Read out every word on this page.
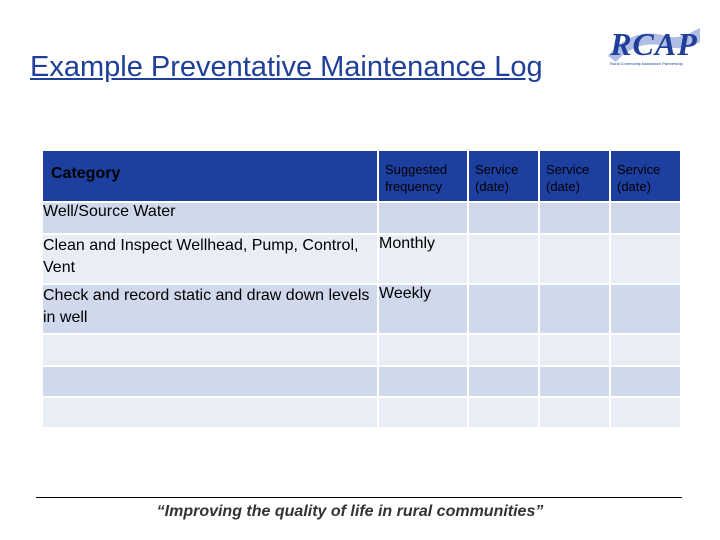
Example Preventative Maintenance Log
RCAP
Rural Community Assistance Partnership
Category	Suggested frequency	Service (date)	Service (date)	Service (date)
Well/Source Water				
Clean and Inspect Wellhead, Pump, Control, Vent	Monthly			
Check and record static and draw down levels in well	Weekly			

“Improving the quality of life in rural communities”
